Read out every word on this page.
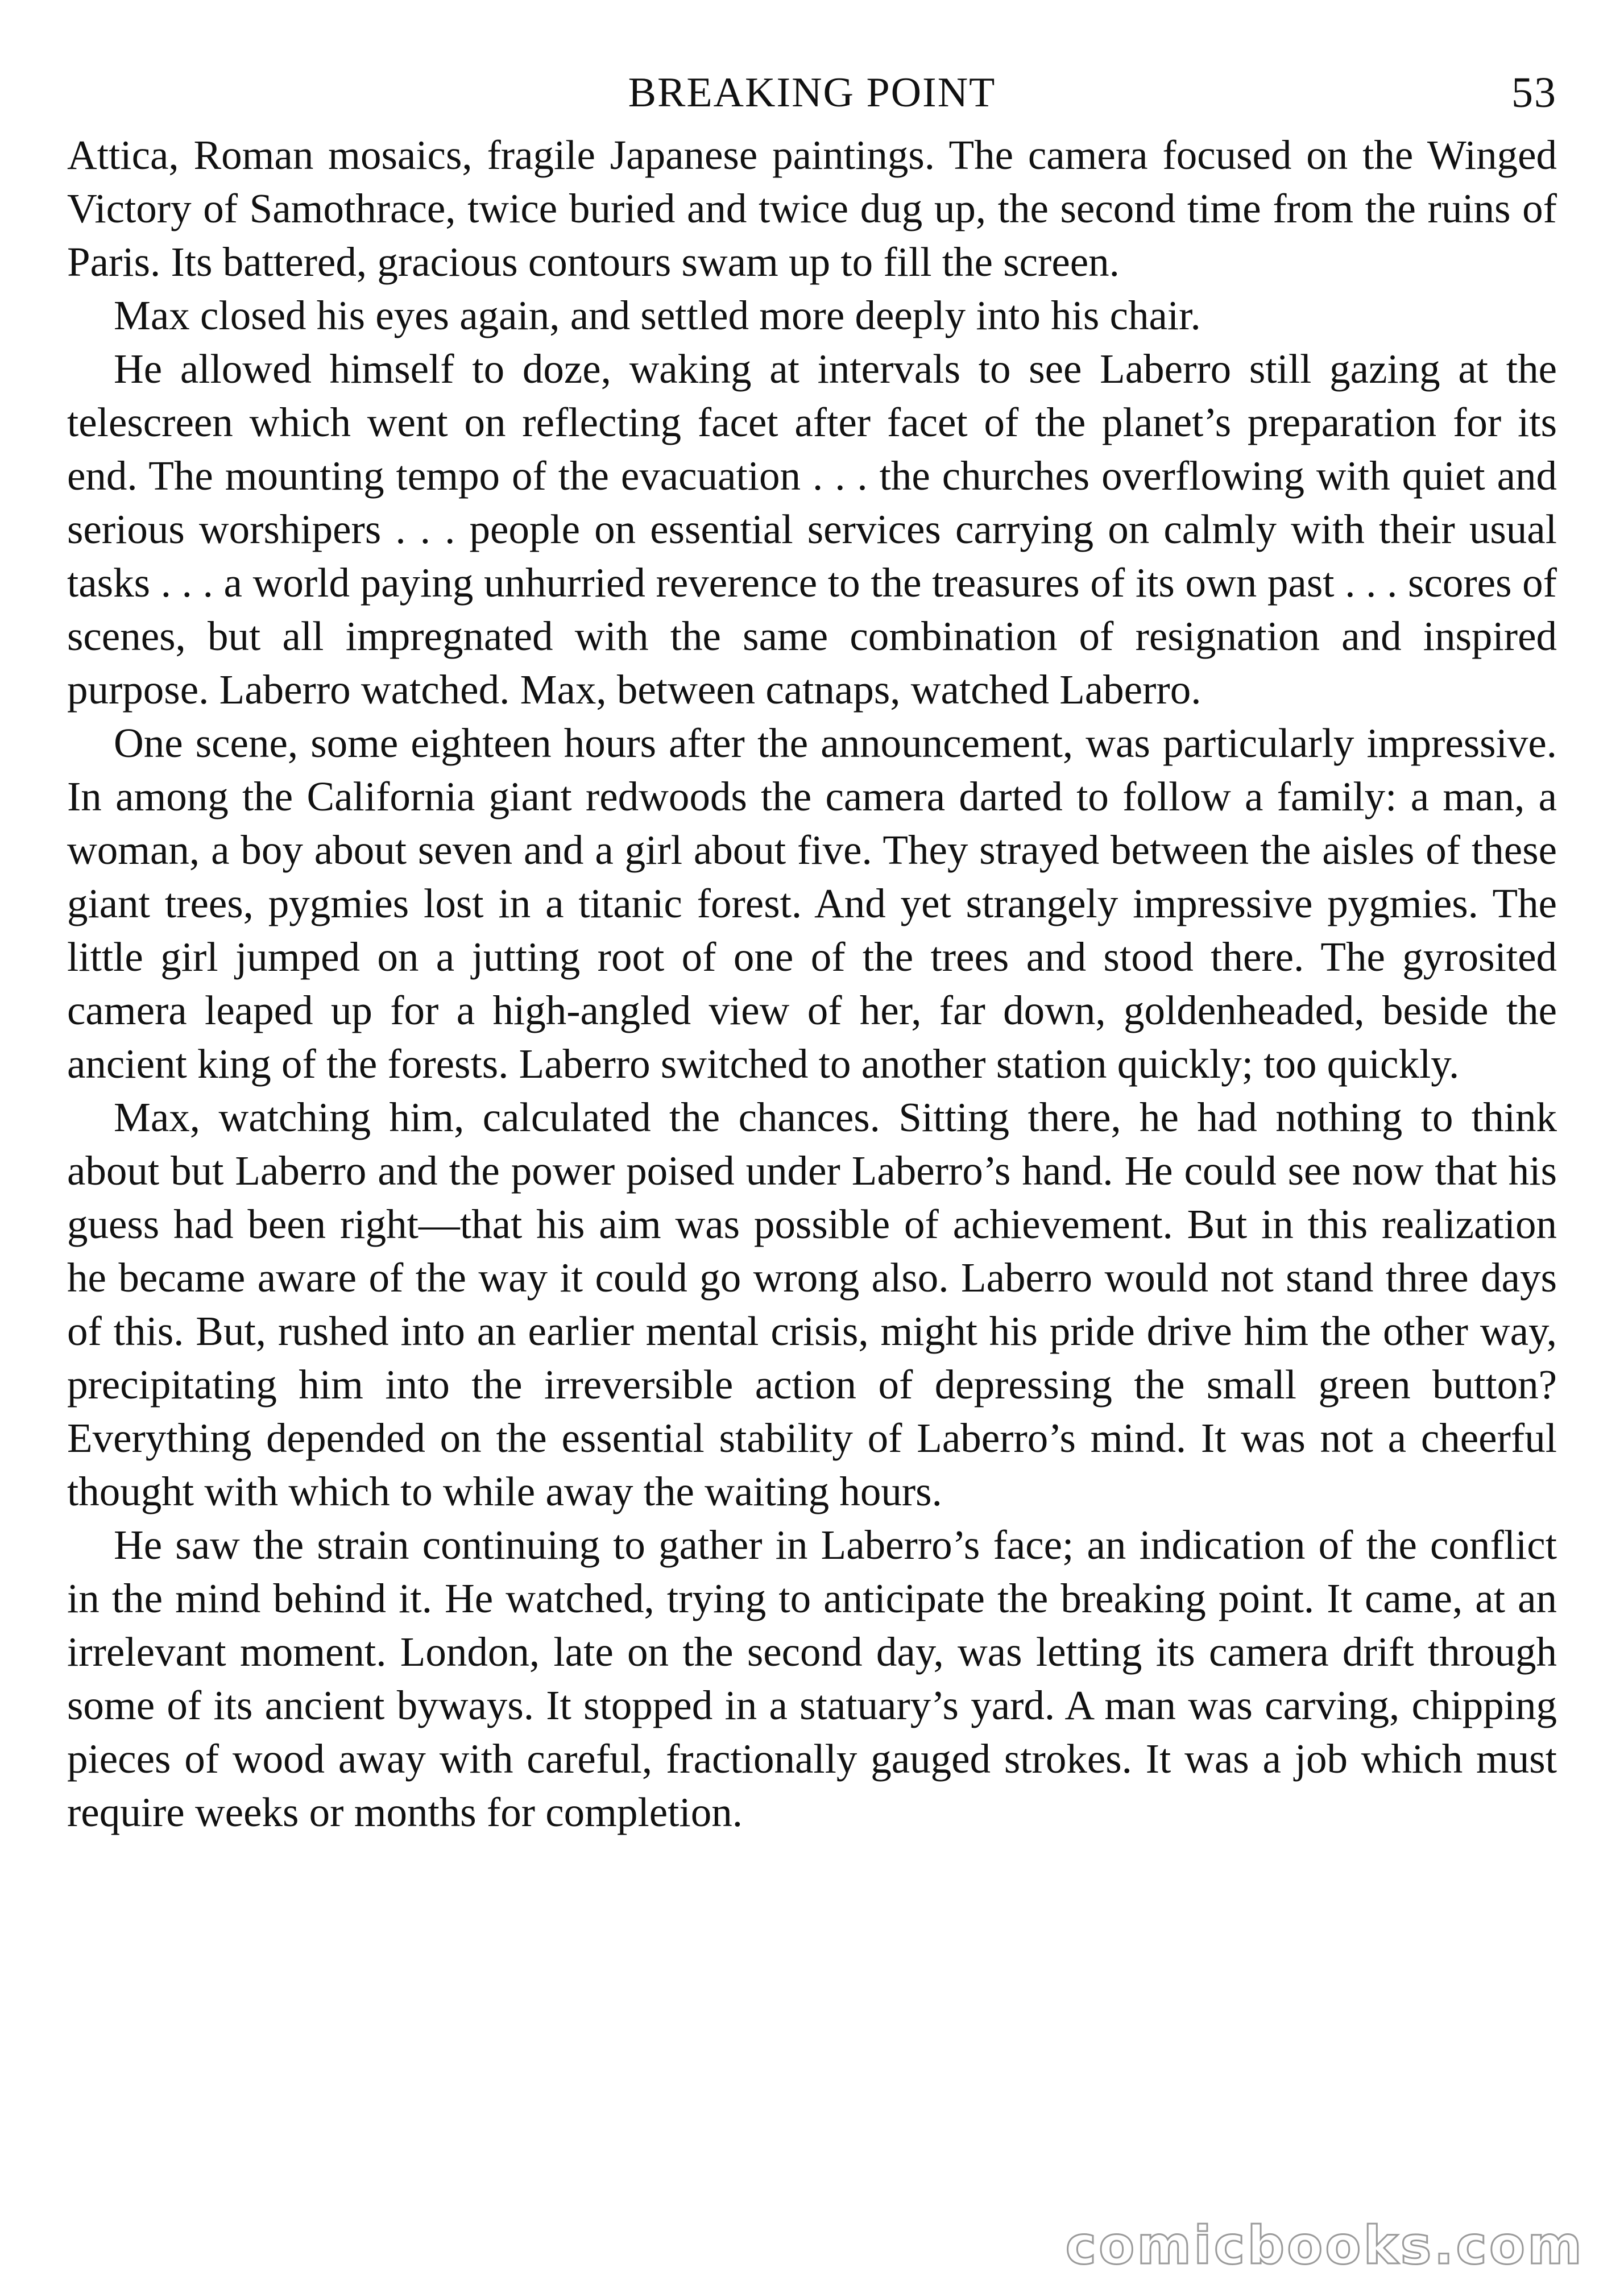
BREAKING POINT	53

Attica, Roman mosaics, fragile Japanese paintings. The camera focused on the Winged Victory of Samothrace, twice buried and twice dug up, the second time from the ruins of Paris. Its battered, gracious contours swam up to fill the screen.

Max closed his eyes again, and settled more deeply into his chair.

He allowed himself to doze, waking at intervals to see Laberro still gazing at the telescreen which went on reflecting facet after facet of the planet’s preparation for its end. The mounting tempo of the evacuation . . . the churches overflowing with quiet and serious worshipers . . . people on essential services carrying on calmly with their usual tasks . . . a world paying unhurried reverence to the treasures of its own past . . . scores of scenes, but all impregnated with the same combination of resignation and inspired purpose. Laberro watched. Max, between catnaps, watched Laberro.

One scene, some eighteen hours after the announcement, was particularly impressive. In among the California giant redwoods the camera darted to follow a family: a man, a woman, a boy about seven and a girl about five. They strayed between the aisles of these giant trees, pygmies lost in a titanic forest. And yet strangely impressive pygmies. The little girl jumped on a jutting root of one of the trees and stood there. The gyrosited camera leaped up for a high-angled view of her, far down, goldenheaded, beside the ancient king of the forests. Laberro switched to another station quickly; too quickly.

Max, watching him, calculated the chances. Sitting there, he had nothing to think about but Laberro and the power poised under Laberro’s hand. He could see now that his guess had been right—that his aim was possible of achievement. But in this realization he became aware of the way it could go wrong also. Laberro would not stand three days of this. But, rushed into an earlier mental crisis, might his pride drive him the other way, precipitating him into the irreversible action of depressing the small green button? Everything depended on the essential stability of Laberro’s mind. It was not a cheerful thought with which to while away the waiting hours.

He saw the strain continuing to gather in Laberro’s face; an indication of the conflict in the mind behind it. He watched, trying to anticipate the breaking point. It came, at an irrelevant moment. London, late on the second day, was letting its camera drift through some of its ancient byways. It stopped in a statuary’s yard. A man was carving, chipping pieces of wood away with careful, fractionally gauged strokes. It was a job which must require weeks or months for completion.

comicbooks.com
